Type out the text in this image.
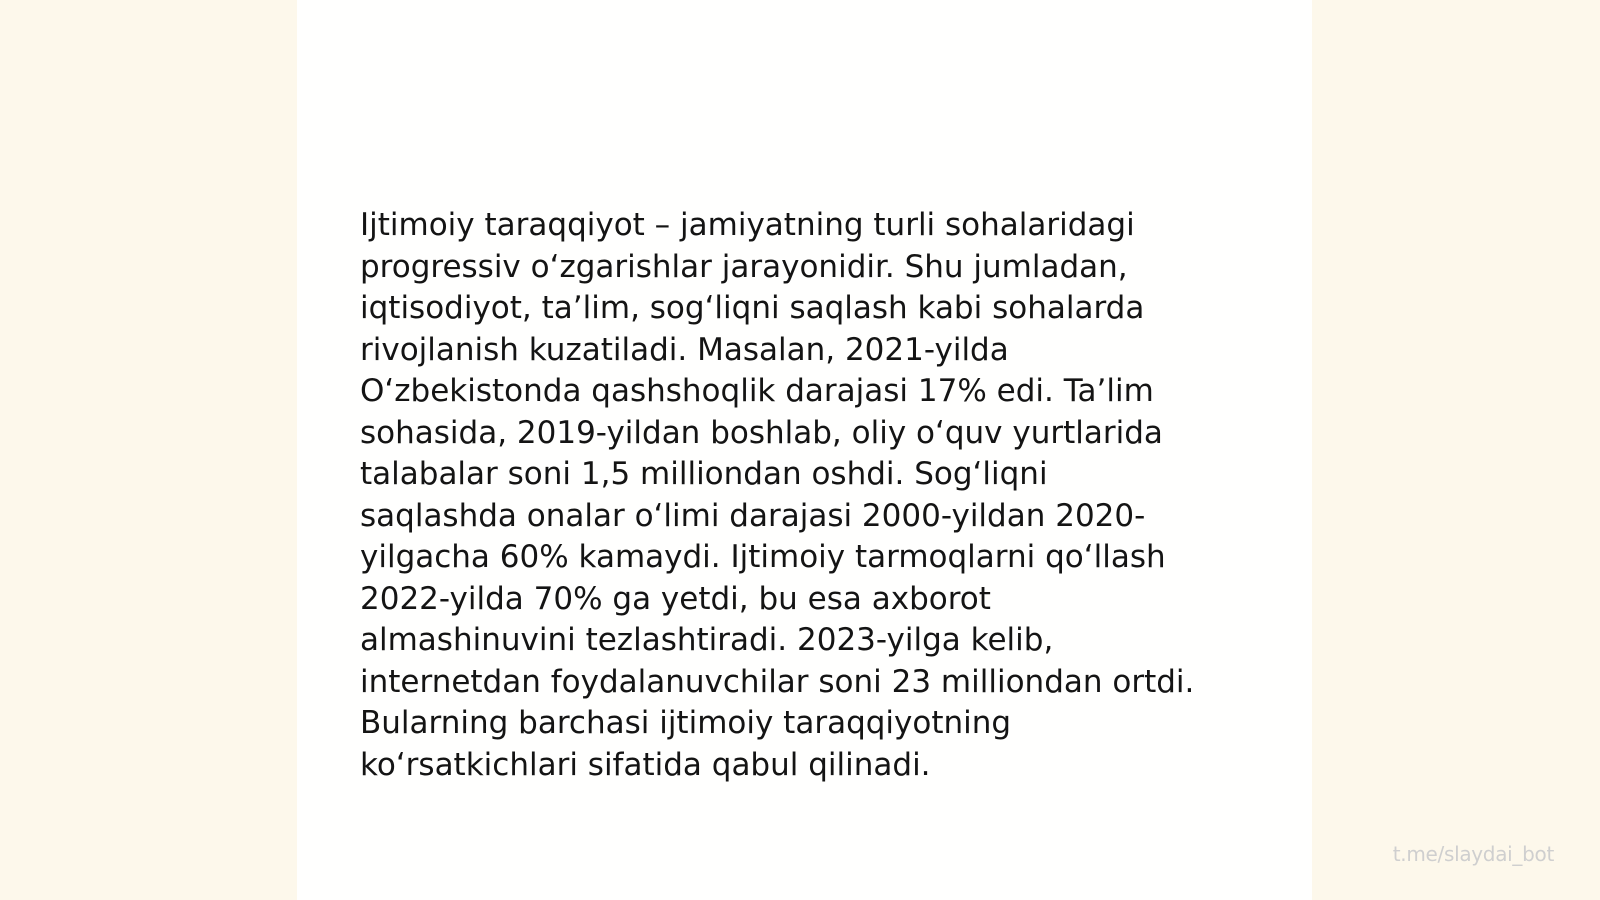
Ijtimoiy taraqqiyot – jamiyatning turli sohalaridagi
progressiv oʻzgarishlar jarayonidir. Shu jumladan,
iqtisodiyot, taʼlim, sogʻliqni saqlash kabi sohalarda
rivojlanish kuzatiladi. Masalan, 2021-yilda
Oʻzbekistonda qashshoqlik darajasi 17% edi. Taʼlim
sohasida, 2019-yildan boshlab, oliy oʻquv yurtlarida
talabalar soni 1,5 milliondan oshdi. Sogʻliqni
saqlashda onalar oʻlimi darajasi 2000-yildan 2020-
yilgacha 60% kamaydi. Ijtimoiy tarmoqlarni qoʻllash
2022-yilda 70% ga yetdi, bu esa axborot
almashinuvini tezlashtiradi. 2023-yilga kelib,
internetdan foydalanuvchilar soni 23 milliondan ortdi.
Bularning barchasi ijtimoiy taraqqiyotning
koʻrsatkichlari sifatida qabul qilinadi.

t.me/slaydai_bot
